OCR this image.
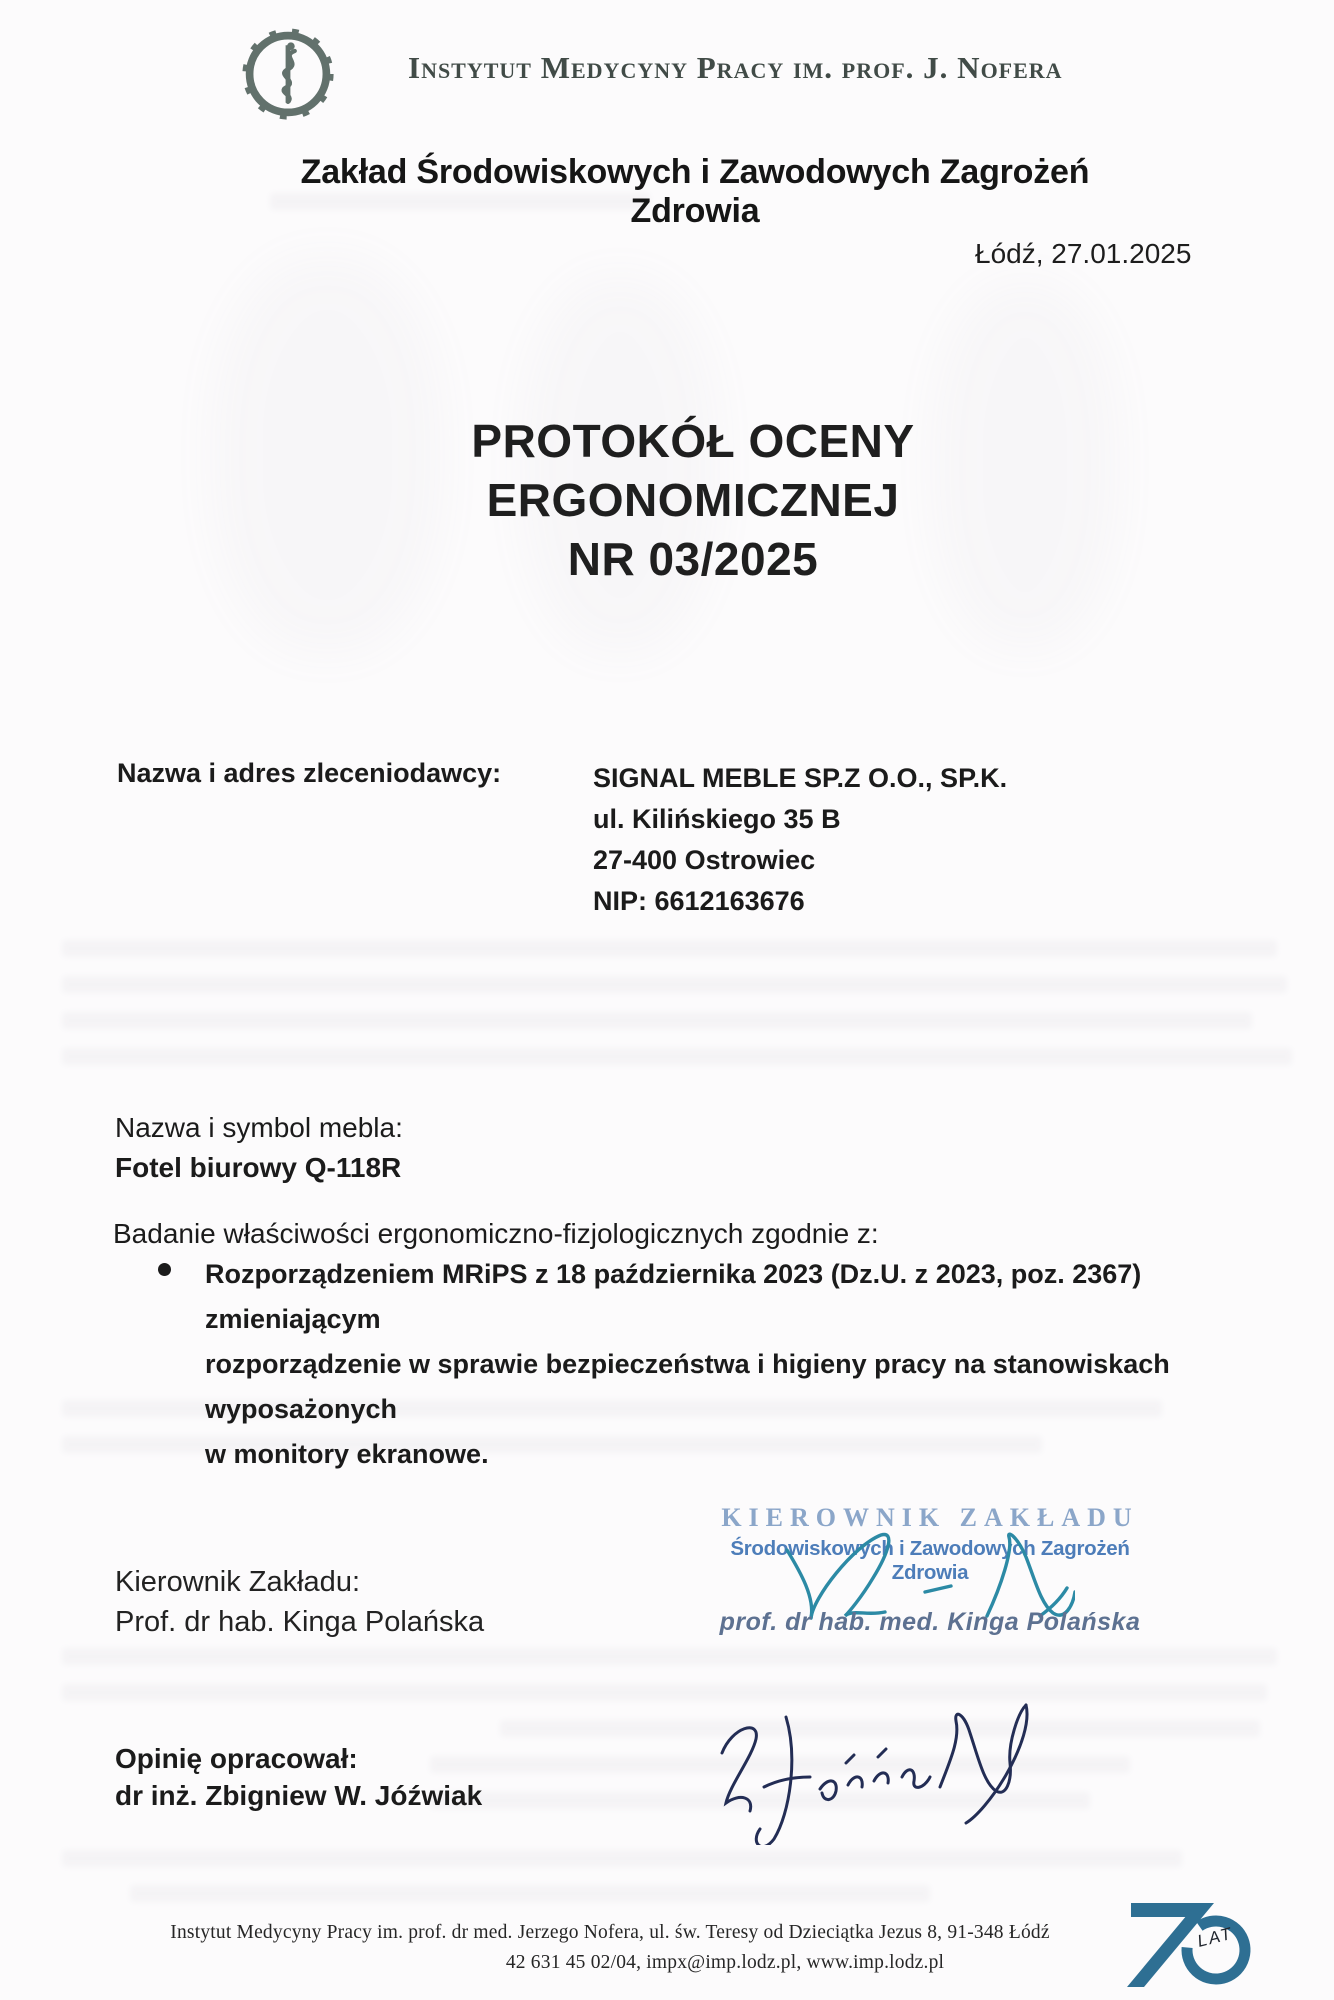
Instytut Medycyny Pracy im. prof. J. Nofera
Zakład Środowiskowych i Zawodowych Zagrożeń Zdrowia
Łódź, 27.01.2025
PROTOKÓŁ OCENY
ERGONOMICZNEJ
NR 03/2025
Nazwa i adres zleceniodawcy:	SIGNAL MEBLE SP.Z O.O., SP.K.
ul. Kilińskiego 35 B
27-400 Ostrowiec
NIP: 6612163676
Nazwa i symbol mebla:
Fotel biurowy Q-118R
Badanie właściwości ergonomiczno-fizjologicznych zgodnie z:
Rozporządzeniem MRiPS z 18 października 2023 (Dz.U. z 2023, poz. 2367) zmieniającym
rozporządzenie w sprawie bezpieczeństwa i higieny pracy na stanowiskach wyposażonych
w monitory ekranowe.
KIEROWNIK ZAKŁADU
Środowiskowych i Zawodowych Zagrożeń Zdrowia
prof. dr hab. med. Kinga Polańska
Kierownik Zakładu:
Prof. dr hab. Kinga Polańska
Opinię opracował:
dr inż. Zbigniew W. Jóźwiak
Instytut Medycyny Pracy im. prof. dr med. Jerzego Nofera, ul. św. Teresy od Dzieciątka Jezus 8, 91-348 Łódź
42 631 45 02/04, impx@imp.lodz.pl, www.imp.lodz.pl
LAT
